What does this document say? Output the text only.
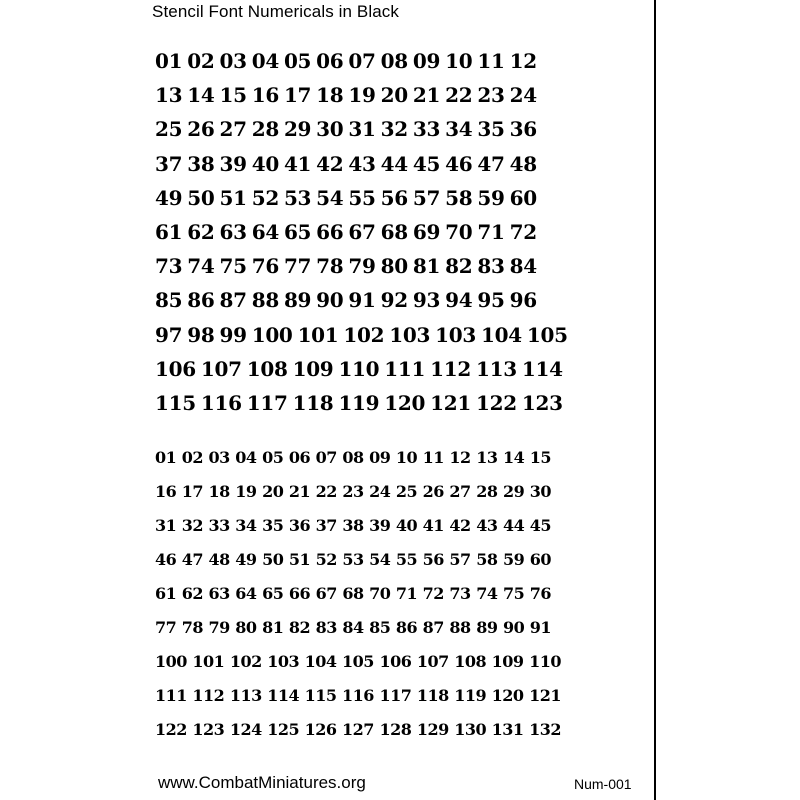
Stencil Font Numericals in Black
01 02 03 04 05 06 07 08 09 10 11 12
13 14 15 16 17 18 19 20 21 22 23 24
25 26 27 28 29 30 31 32 33 34 35 36
37 38 39 40 41 42 43 44 45 46 47 48
49 50 51 52 53 54 55 56 57 58 59 60
61 62 63 64 65 66 67 68 69 70 71 72
73 74 75 76 77 78 79 80 81 82 83 84
85 86 87 88 89 90 91 92 93 94 95 96
97 98 99 100 101 102 103 103 104 105
106 107 108 109 110 111 112 113 114
115 116 117 118 119 120 121 122 123
01 02 03 04 05 06 07 08 09 10 11 12 13 14 15
16 17 18 19 20 21 22 23 24 25 26 27 28 29 30
31 32 33 34 35 36 37 38 39 40 41 42 43 44 45
46 47 48 49 50 51 52 53 54 55 56 57 58 59 60
61 62 63 64 65 66 67 68 70 71 72 73 74 75 76
77 78 79 80 81 82 83 84 85 86 87 88 89 90 91
100 101 102 103 104 105 106 107 108 109 110
111 112 113 114 115 116 117 118 119 120 121
122 123 124 125 126 127 128 129 130 131 132
www.CombatMiniatures.org	Num-001
